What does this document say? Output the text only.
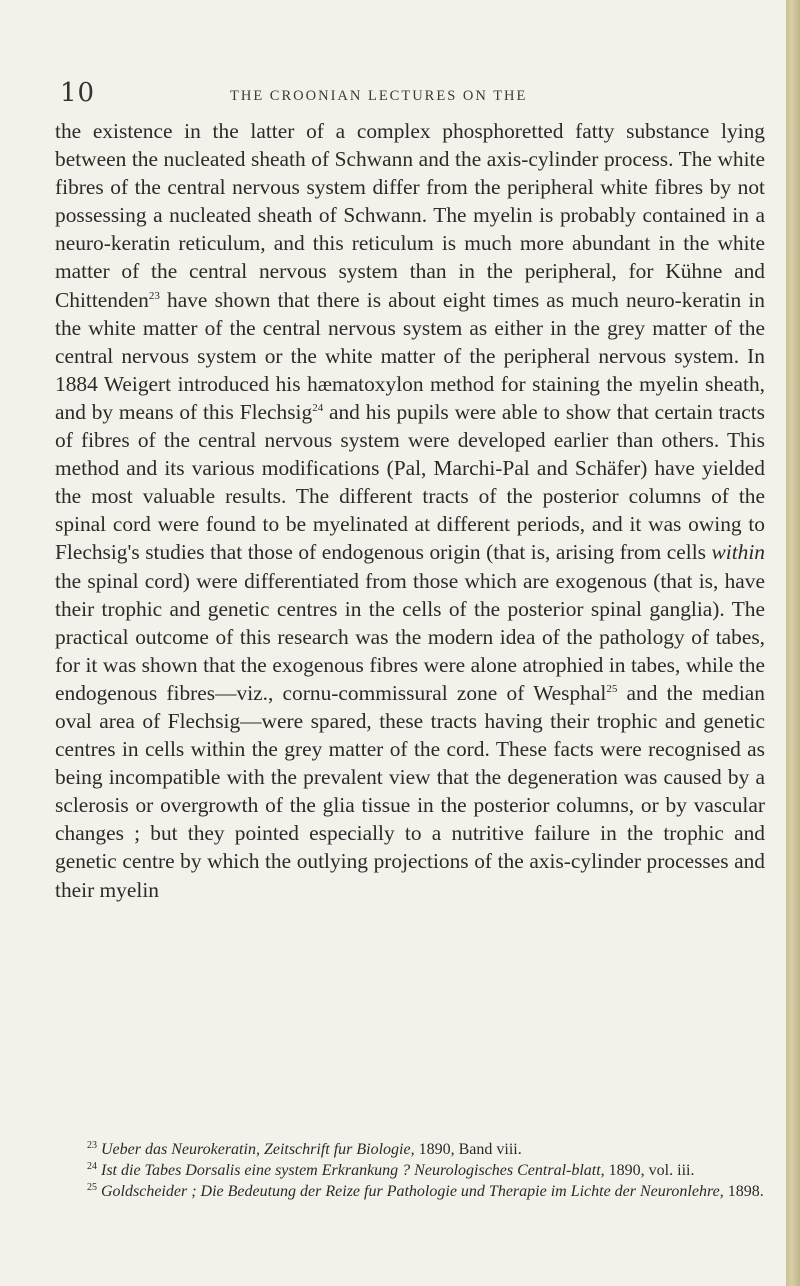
10	THE CROONIAN LECTURES ON THE

the existence in the latter of a complex phosphoretted fatty substance lying between the nucleated sheath of Schwann and the axis-cylinder process. The white fibres of the central nervous system differ from the peripheral white fibres by not possessing a nucleated sheath of Schwann. The myelin is probably contained in a neuro-keratin reticulum, and this reticulum is much more abundant in the white matter of the central nervous system than in the peripheral, for Kühne and Chittenden$^{23}$ have shown that there is about eight times as much neuro-keratin in the white matter of the central nervous system as either in the grey matter of the central nervous system or the white matter of the peripheral nervous system. In 1884 Weigert introduced his hæmatoxylon method for staining the myelin sheath, and by means of this Flechsig$^{24}$ and his pupils were able to show that certain tracts of fibres of the central nervous system were developed earlier than others. This method and its various modifications (Pal, Marchi-Pal and Schäfer) have yielded the most valuable results. The different tracts of the posterior columns of the spinal cord were found to be myelinated at different periods, and it was owing to Flechsig's studies that those of endogenous origin (that is, arising from cells within the spinal cord) were differentiated from those which are exogenous (that is, have their trophic and genetic centres in the cells of the posterior spinal ganglia). The practical outcome of this research was the modern idea of the pathology of tabes, for it was shown that the exogenous fibres were alone atrophied in tabes, while the endogenous fibres—viz., cornu-commissural zone of Wesphal$^{25}$ and the median oval area of Flechsig—were spared, these tracts having their trophic and genetic centres in cells within the grey matter of the cord. These facts were recognised as being incompatible with the prevalent view that the degeneration was caused by a sclerosis or overgrowth of the glia tissue in the posterior columns, or by vascular changes ; but they pointed especially to a nutritive failure in the trophic and genetic centre by which the outlying projections of the axis-cylinder processes and their myelin

$^{23}$ Ueber das Neurokeratin, Zeitschrift fur Biologie, 1890, Band viii.

$^{24}$ Ist die Tabes Dorsalis eine system Erkrankung ? Neurologisches Central-blatt, 1890, vol. iii.

$^{25}$ Goldscheider ; Die Bedeutung der Reize fur Pathologie und Therapie im Lichte der Neuronlehre, 1898.
